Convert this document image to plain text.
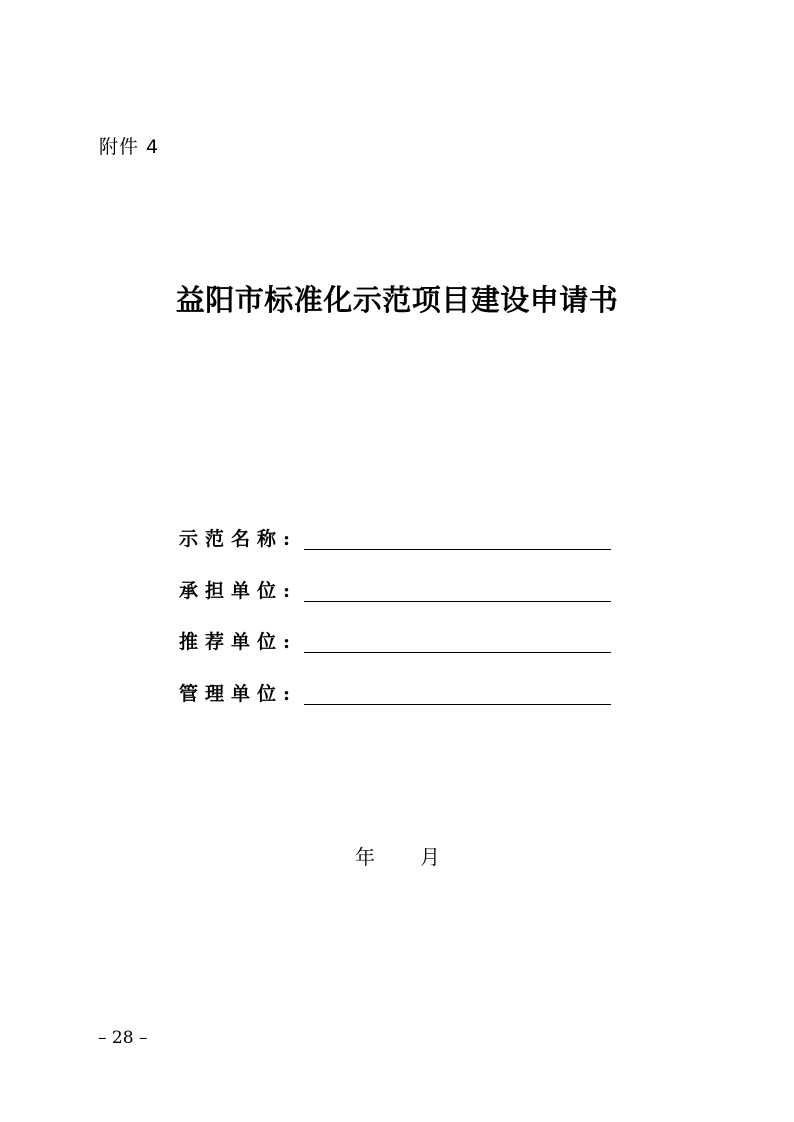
附件 4
益阳市标准化示范项目建设申请书
示范名称:
承担单位:
推荐单位:
管理单位:
年 月
– 28 –
